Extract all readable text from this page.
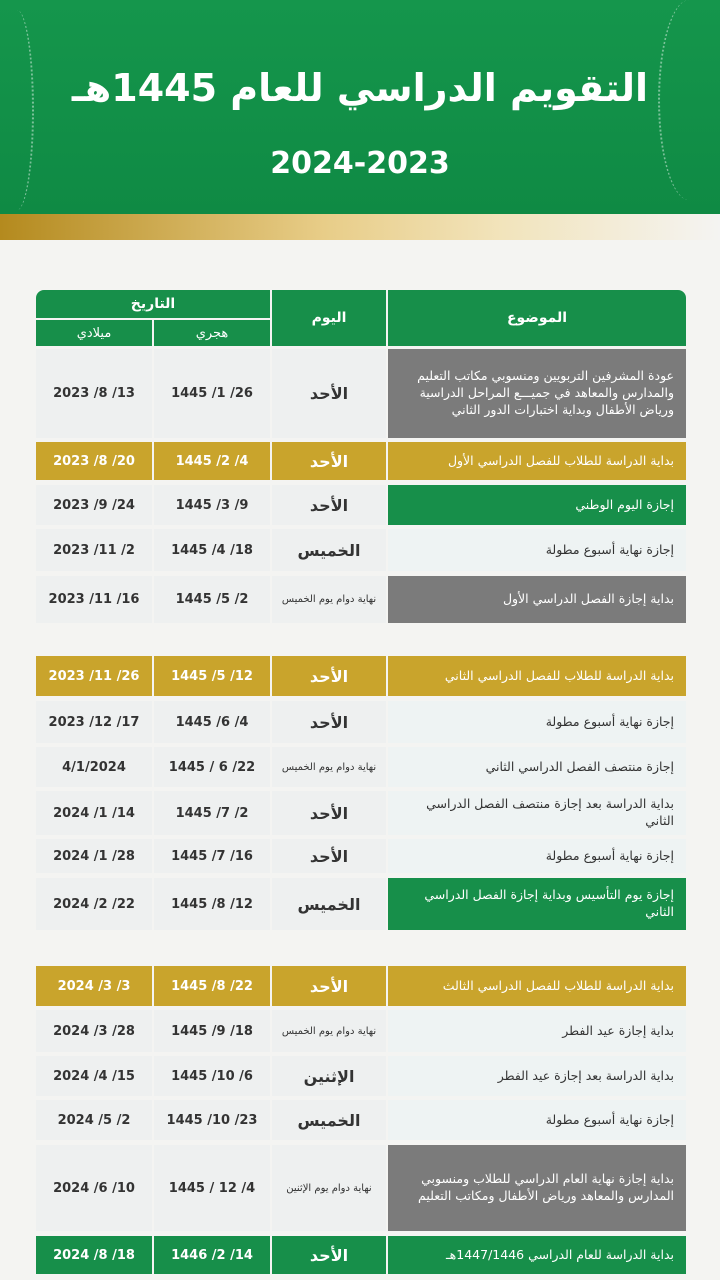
التقويم الدراسي للعام 1445هـ
2024-2023
الموضوع
اليوم
التاريخ
هجري
ميلادي
عودة المشرفين التربويين ومنسوبي مكاتب التعليم والمدارس والمعاهد في جميـــع المراحل الدراسية ورياض الأطفال وبداية اختبارات الدور الثاني
الأحد
26/ 1/ 1445
13/ 8/ 2023
بداية الدراسة للطلاب للفصل الدراسي الأول
الأحد
4/ 2/ 1445
20/ 8/ 2023
إجازة اليوم الوطني
الأحد
9/ 3/ 1445
24/ 9/ 2023
إجازة نهاية أسبوع مطولة
الخميس
18/ 4/ 1445
2/ 11/ 2023
بداية إجازة الفصل الدراسي الأول
نهاية دوام يوم الخميس
2/ 5/ 1445
16/ 11/ 2023
بداية الدراسة للطلاب للفصل الدراسي الثاني
الأحد
12/ 5/ 1445
26/ 11/ 2023
إجازة نهاية أسبوع مطولة
الأحد
4/ 6/ 1445
17/ 12/ 2023
إجازة منتصف الفصل الدراسي الثاني
نهاية دوام يوم الخميس
22/ 6 / 1445
4/1/2024
بداية الدراسة بعد إجازة منتصف الفصل الدراسي الثاني
الأحد
2/ 7/ 1445
14/ 1/ 2024
إجازة نهاية أسبوع مطولة
الأحد
16/ 7/ 1445
28/ 1/ 2024
إجازة يوم التأسيس وبداية إجازة الفصل الدراسي الثاني
الخميس
12/ 8/ 1445
22/ 2/ 2024
بداية الدراسة للطلاب للفصل الدراسي الثالث
الأحد
22/ 8/ 1445
3/ 3/ 2024
بداية إجازة عيد الفطر
نهاية دوام يوم الخميس
18/ 9/ 1445
28/ 3/ 2024
بداية الدراسة بعد إجازة عيد الفطر
الإثنين
6/ 10/ 1445
15/ 4/ 2024
إجازة نهاية أسبوع مطولة
الخميس
23/ 10/ 1445
2/ 5/ 2024
بداية إجازة نهاية العام الدراسي للطلاب ومنسوبي المدارس والمعاهد ورياض الأطفال ومكاتب التعليم
نهاية دوام يوم الإثنين
4/ 12 / 1445
10/ 6/ 2024
بداية الدراسة للعام الدراسي 1447/1446هـ
الأحد
14/ 2/ 1446
18/ 8/ 2024
